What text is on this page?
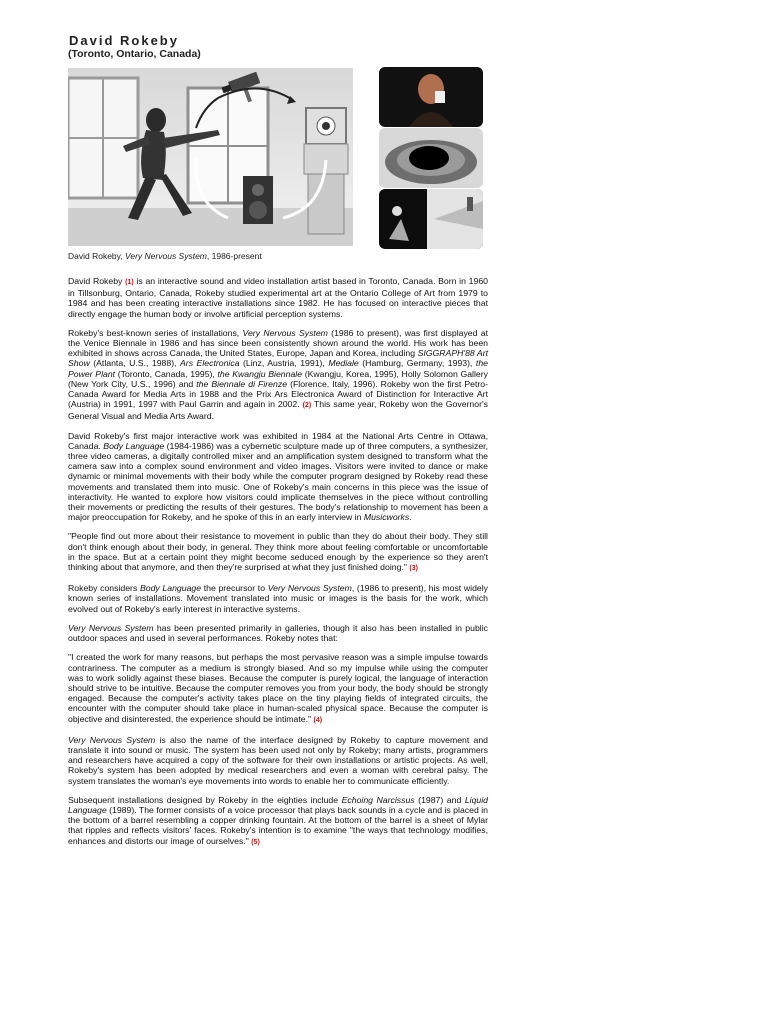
David Rokeby
(Toronto, Ontario, Canada)
David Rokeby, Very Nervous System, 1986-present

David Rokeby (1) is an interactive sound and video installation artist based in Toronto, Canada. Born in 1960 in Tillsonburg, Ontario, Canada, Rokeby studied experimental art at the Ontario College of Art from 1979 to 1984 and has been creating interactive installations since 1982. He has focused on interactive pieces that directly engage the human body or involve artificial perception systems.

Rokeby's best-known series of installations, Very Nervous System (1986 to present), was first displayed at the Venice Biennale in 1986 and has since been consistently shown around the world. His work has been exhibited in shows across Canada, the United States, Europe, Japan and Korea, including SIGGRAPH'88 Art Show (Atlanta, U.S., 1988), Ars Electronica (Linz, Austria, 1991), Mediale (Hamburg, Germany, 1993), the Power Plant (Toronto, Canada, 1995), the Kwangju Biennale (Kwangju, Korea, 1995), Holly Solomon Gallery (New York City, U.S., 1996) and the Biennale di Firenze (Florence, Italy, 1996). Rokeby won the first Petro-Canada Award for Media Arts in 1988 and the Prix Ars Electronica Award of Distinction for Interactive Art (Austria) in 1991, 1997 with Paul Garrin and again in 2002. (2) This same year, Rokeby won the Governor's General Visual and Media Arts Award.

David Rokeby's first major interactive work was exhibited in 1984 at the National Arts Centre in Ottawa, Canada. Body Language (1984-1986) was a cybernetic sculpture made up of three computers, a synthesizer, three video cameras, a digitally controlled mixer and an amplification system designed to transform what the camera saw into a complex sound environment and video images. Visitors were invited to dance or make dynamic or minimal movements with their body while the computer program designed by Rokeby read these movements and translated them into music. One of Rokeby's main concerns in this piece was the issue of interactivity. He wanted to explore how visitors could implicate themselves in the piece without controlling their movements or predicting the results of their gestures. The body's relationship to movement has been a major preoccupation for Rokeby, and he spoke of this in an early interview in Musicworks.

"People find out more about their resistance to movement in public than they do about their body. They still don't think enough about their body, in general. They think more about feeling comfortable or uncomfortable in the space. But at a certain point they might become seduced enough by the experience so they aren't thinking about that anymore, and then they're surprised at what they just finished doing." (3)

Rokeby considers Body Language the precursor to Very Nervous System, (1986 to present), his most widely known series of installations. Movement translated into music or images is the basis for the work, which evolved out of Rokeby's early interest in interactive systems.

Very Nervous System has been presented primarily in galleries, though it also has been installed in public outdoor spaces and used in several performances. Rokeby notes that:

"I created the work for many reasons, but perhaps the most pervasive reason was a simple impulse towards contrariness. The computer as a medium is strongly biased. And so my impulse while using the computer was to work solidly against these biases. Because the computer is purely logical, the language of interaction should strive to be intuitive. Because the computer removes you from your body, the body should be strongly engaged. Because the computer's activity takes place on the tiny playing fields of integrated circuits, the encounter with the computer should take place in human-scaled physical space. Because the computer is objective and disinterested, the experience should be intimate." (4)

Very Nervous System is also the name of the interface designed by Rokeby to capture movement and translate it into sound or music. The system has been used not only by Rokeby; many artists, programmers and researchers have acquired a copy of the software for their own installations or artistic projects. As well, Rokeby's system has been adopted by medical researchers and even a woman with cerebral palsy. The system translates the woman's eye movements into words to enable her to communicate efficiently.

Subsequent installations designed by Rokeby in the eighties include Echoing Narcissus (1987) and Liquid Language (1989). The former consists of a voice processor that plays back sounds in a cycle and is placed in the bottom of a barrel resembling a copper drinking fountain. At the bottom of the barrel is a sheet of Mylar that ripples and reflects visitors' faces. Rokeby's intention is to examine "the ways that technology modifies, enhances and distorts our image of ourselves." (5)
